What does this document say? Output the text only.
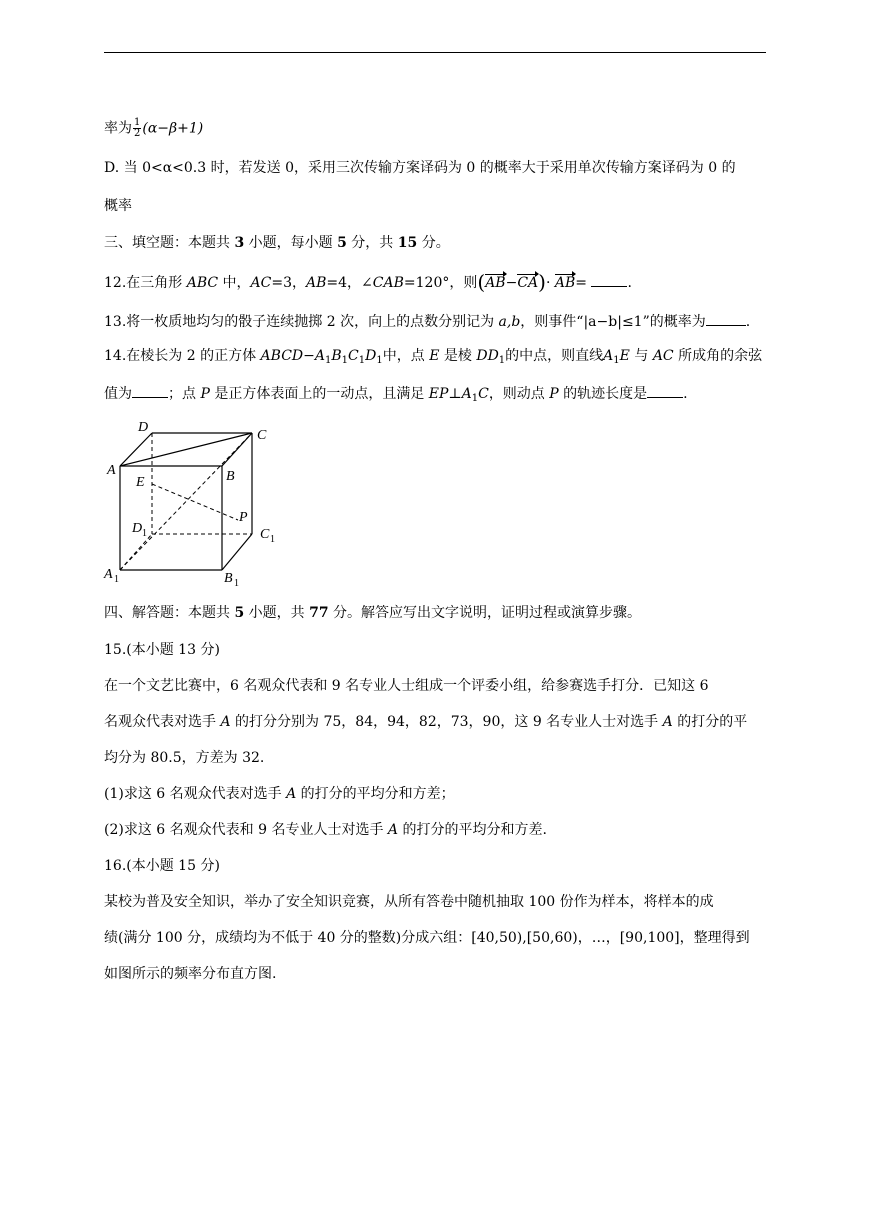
率为 $\frac{1}{2} (\alpha-\beta+1)$
D. 当 0<α<0.3 时，若发送 0，采用三次传输方案译码为 0 的概率大于采用单次传输方案译码为 0 的
概率
三、填空题：本题共 3 小题，每小题 5 分，共 15 分。
12.在三角形 ABC 中，AC=3，AB=4，∠CAB=120°，则(AB−CA)· AB=	.
13.将一枚质地均匀的骰子连续抛掷 2 次，向上的点数分别记为 a,b，则事件“|a−b|≤1”的概率为	.
14.在棱长为 2 的正方体 $ABCD-A_1B_1C_1D_1$中，点 E 是棱 $DD_1$的中点，则直线$A_1E$ 与 AC 所成角的余弦
值为	；点 P 是正方体表面上的一动点，且满足 $EP\perp A_1C$，则动点 P 的轨迹长度是	.
D
C
A	B
E
P
D 1	C 1
A 1	B 1
四、解答题：本题共 5 小题，共 77 分。解答应写出文字说明，证明过程或演算步骤。
15.(本小题 13 分)
在一个文艺比赛中，6 名观众代表和 9 名专业人士组成一个评委小组，给参赛选手打分．已知这 6
名观众代表对选手 A 的打分分别为 75，84，94，82，73，90，这 9 名专业人士对选手 A 的打分的平
均分为 80.5，方差为 32.
(1)求这 6 名观众代表对选手 A 的打分的平均分和方差；
(2)求这 6 名观众代表和 9 名专业人士对选手 A 的打分的平均分和方差.
16.(本小题 15 分)
某校为普及安全知识，举办了安全知识竞赛，从所有答卷中随机抽取 100 份作为样本，将样本的成
绩(满分 100 分，成绩均为不低于 40 分的整数)分成六组：[40,50),[50,60)，…，[90,100]，整理得到
如图所示的频率分布直方图.
